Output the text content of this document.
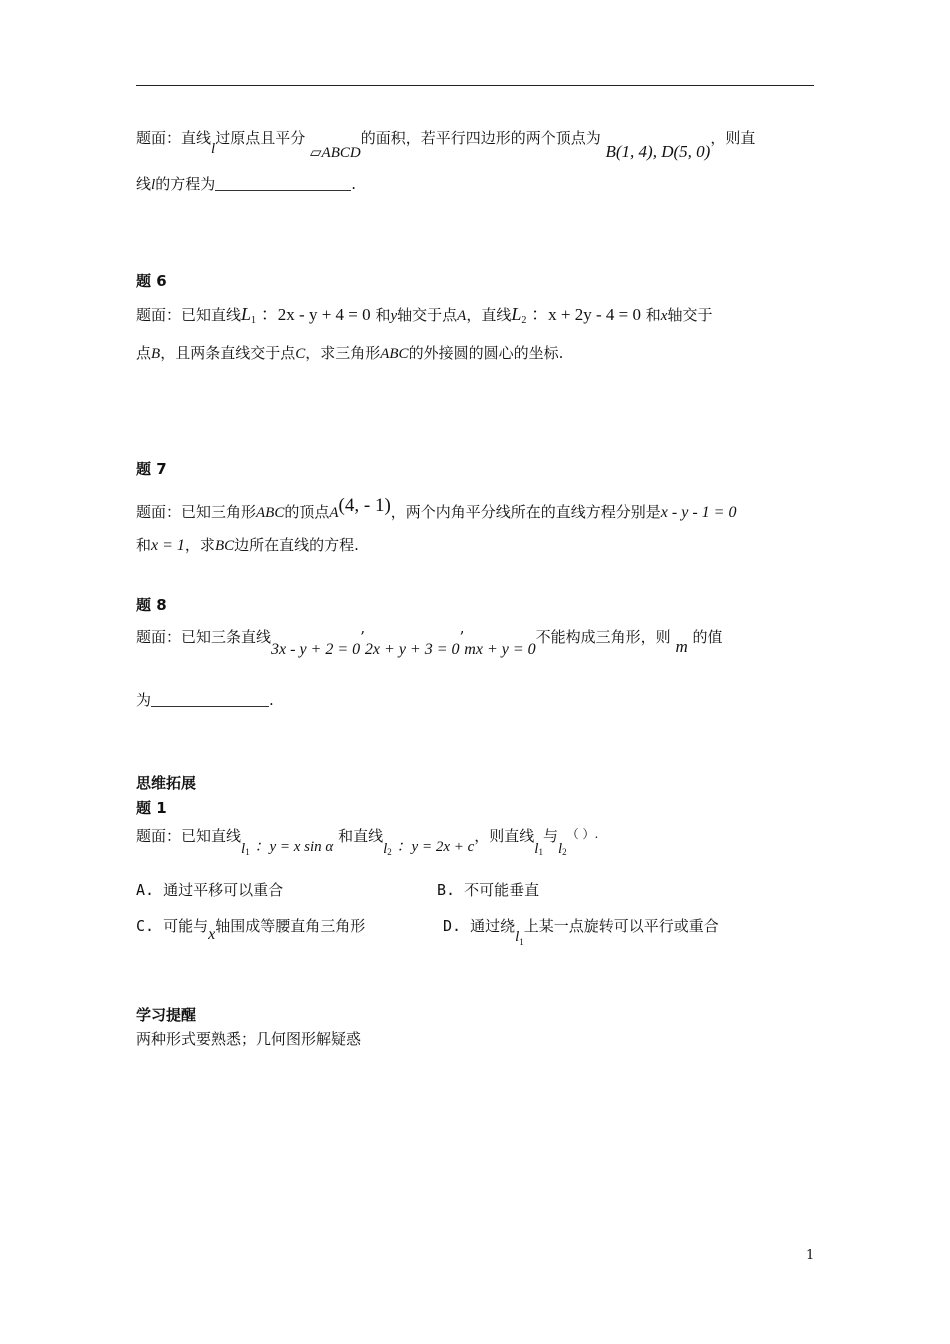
题面：直线l过原点且平分 ▱ABCD的面积，若平行四边形的两个顶点为 B(1, 4), D(5, 0)，则直
线l的方程为	.
题 6
题面：已知直线$L_1$ ：2x - y + 4 = 0 和y轴交于点A，直线$L_2$ ：x + 2y - 4 = 0 和x轴交于
点B，且两条直线交于点C，求三角形ABC的外接圆的圆心的坐标.
题 7
题面：已知三角形ABC的顶点A(4, - 1)，两个内角平分线所在的直线方程分别是x - y - 1 = 0
和x = 1，求BC边所在直线的方程.
题 8
题面：已知三条直线3x - y + 2 = 0’2x + y + 3 = 0’mx + y = 0不能构成三角形，则 m 的值
为	.
思维拓展
题 1
题面：已知直线$l_1$ ：y = x sin α 和直线$l_2$ ：y = 2x + c，则直线$l_1$与$l_2^{( ).}$
A. 通过平移可以重合	B. 不可能垂直
C. 可能与x轴围成等腰直角三角形	D. 通过绕$l_1$上某一点旋转可以平行或重合
学习提醒
两种形式要熟悉；几何图形解疑惑
1
